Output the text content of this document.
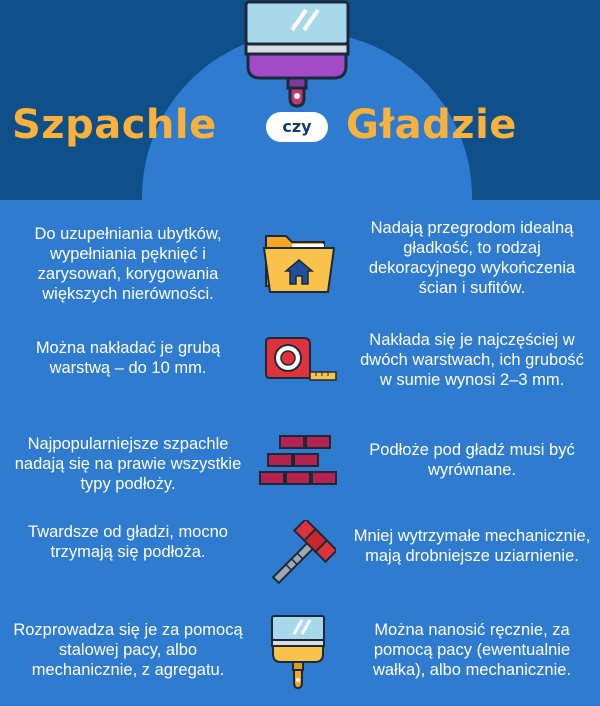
Szpachle	czy Gładzie
Do uzupełniania ubytków, wypełniania pęknięć i zarysowań, korygowania większych nierówności.
Nadają przegrodom idealną gładkość, to rodzaj dekoracyjnego wykończenia ścian i sufitów.
Można nakładać je grubą warstwą – do 10 mm.
Nakłada się je najczęściej w dwóch warstwach, ich grubość w sumie wynosi 2–3 mm.
Najpopularniejsze szpachle nadają się na prawie wszystkie typy podłoży.
Podłoże pod gładź musi być wyrównane.
Twardsze od gładzi, mocno trzymają się podłoża.
Mniej wytrzymałe mechanicznie, mają drobniejsze uziarnienie.
Rozprowadza się je za pomocą stalowej pacy, albo mechanicznie, z agregatu.
Można nanosić ręcznie, za pomocą pacy (ewentualnie wałka), albo mechanicznie.
